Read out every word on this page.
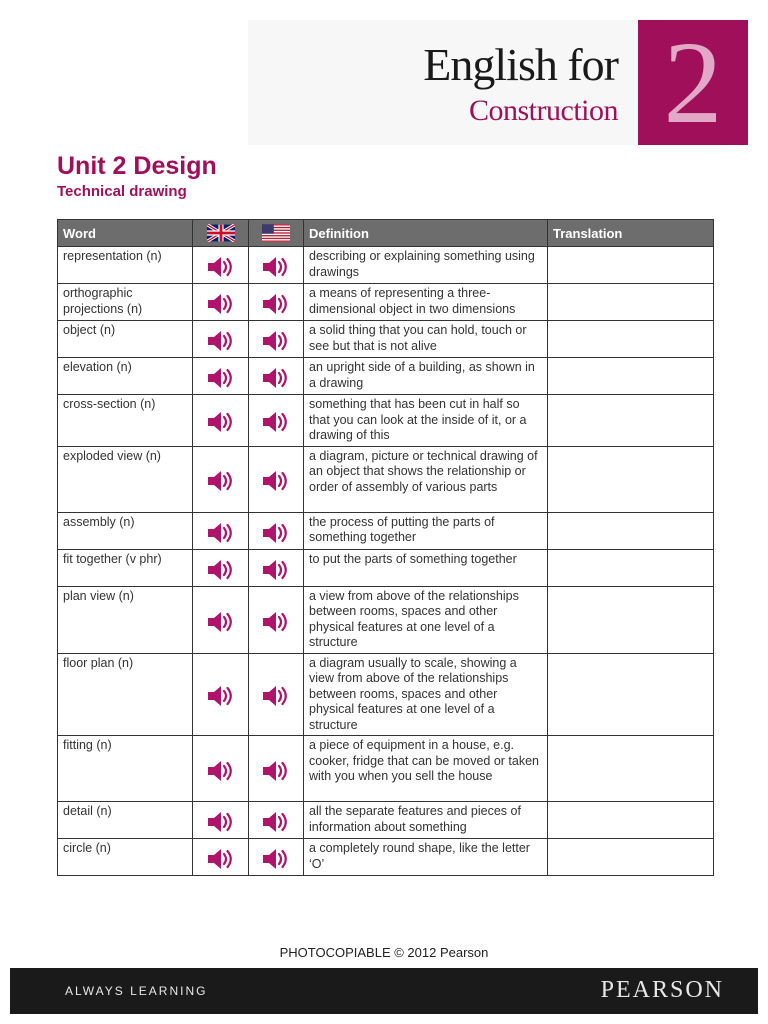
English for
Construction 2
Unit 2 Design
Technical drawing
Word			Definition	Translation
representation (n)			describing or explaining something using drawings	
orthographic projections (n)			a means of representing a three-dimensional object in two dimensions	
object (n)			a solid thing that you can hold, touch or see but that is not alive	
elevation (n)			an upright side of a building, as shown in a drawing	
cross-section (n)			something that has been cut in half so that you can look at the inside of it, or a drawing of this	
exploded view (n)			a diagram, picture or technical drawing of an object that shows the relationship or order of assembly of various parts	
assembly (n)			the process of putting the parts of something together	
fit together (v phr)			to put the parts of something together	
plan view (n)			a view from above of the relationships between rooms, spaces and other physical features at one level of a structure	
floor plan (n)			a diagram usually to scale, showing a view from above of the relationships between rooms, spaces and other physical features at one level of a structure	
fitting (n)			a piece of equipment in a house, e.g. cooker, fridge that can be moved or taken with you when you sell the house	
detail (n)			all the separate features and pieces of information about something	
circle (n)			a completely round shape, like the letter ‘O’	
PHOTOCOPIABLE © 2012 Pearson
ALWAYS LEARNING	PEARSON
